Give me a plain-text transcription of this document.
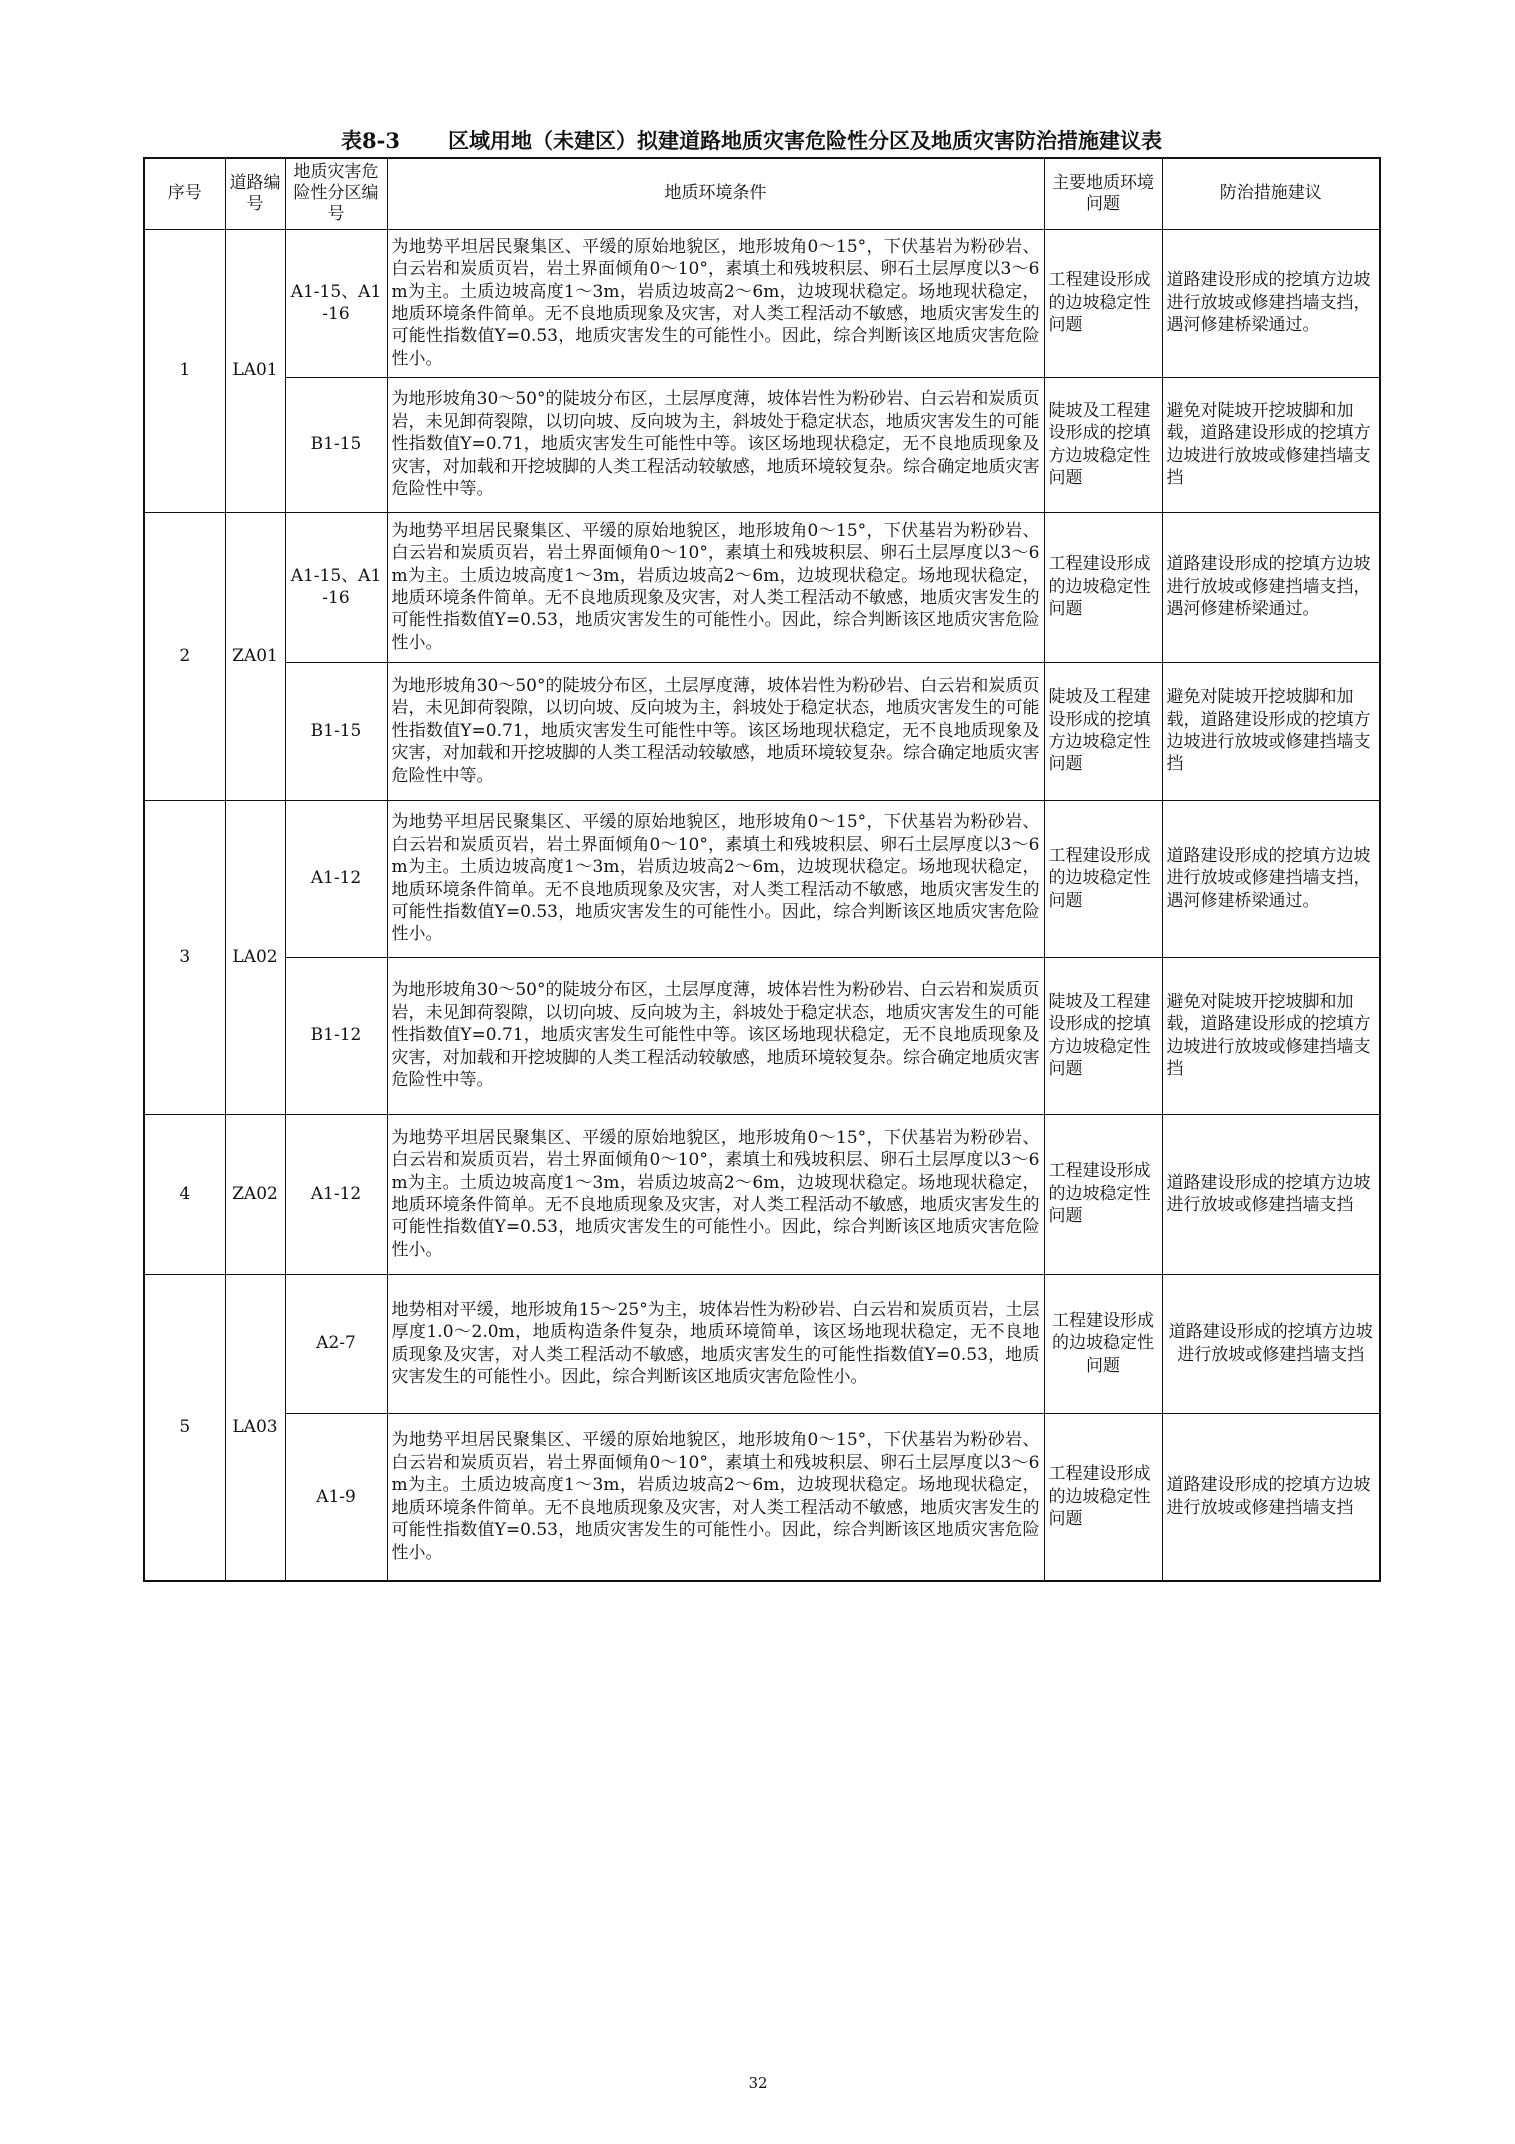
表8-3 区域用地（未建区）拟建道路地质灾害危险性分区及地质灾害防治措施建议表
序号	道路编号	地质灾害危险性分区编号	地质环境条件	主要地质环境问题	防治措施建议
1	LA01	A1-15、A1-16	为地势平坦居民聚集区、平缓的原始地貌区，地形坡角0～15°，下伏基岩为粉砂岩、白云岩和炭质页岩，岩土界面倾角0～10°，素填土和残坡积层、卵石土层厚度以3～6m为主。土质边坡高度1～3m，岩质边坡高2～6m，边坡现状稳定。场地现状稳定，地质环境条件简单。无不良地质现象及灾害，对人类工程活动不敏感，地质灾害发生的可能性指数值Y=0.53，地质灾害发生的可能性小。因此，综合判断该区地质灾害危险性小。	工程建设形成的边坡稳定性问题	道路建设形成的挖填方边坡进行放坡或修建挡墙支挡，遇河修建桥梁通过。
		B1-15	为地形坡角30～50°的陡坡分布区，土层厚度薄，坡体岩性为粉砂岩、白云岩和炭质页岩，未见卸荷裂隙，以切向坡、反向坡为主，斜坡处于稳定状态，地质灾害发生的可能性指数值Y=0.71，地质灾害发生可能性中等。该区场地现状稳定，无不良地质现象及灾害，对加载和开挖坡脚的人类工程活动较敏感，地质环境较复杂。综合确定地质灾害危险性中等。	陡坡及工程建设形成的挖填方边坡稳定性问题	避免对陡坡开挖坡脚和加载，道路建设形成的挖填方边坡进行放坡或修建挡墙支挡
2	ZA01	A1-15、A1-16	为地势平坦居民聚集区、平缓的原始地貌区，地形坡角0～15°，下伏基岩为粉砂岩、白云岩和炭质页岩，岩土界面倾角0～10°，素填土和残坡积层、卵石土层厚度以3～6m为主。土质边坡高度1～3m，岩质边坡高2～6m，边坡现状稳定。场地现状稳定，地质环境条件简单。无不良地质现象及灾害，对人类工程活动不敏感，地质灾害发生的可能性指数值Y=0.53，地质灾害发生的可能性小。因此，综合判断该区地质灾害危险性小。	工程建设形成的边坡稳定性问题	道路建设形成的挖填方边坡进行放坡或修建挡墙支挡，遇河修建桥梁通过。
		B1-15	为地形坡角30～50°的陡坡分布区，土层厚度薄，坡体岩性为粉砂岩、白云岩和炭质页岩，未见卸荷裂隙，以切向坡、反向坡为主，斜坡处于稳定状态，地质灾害发生的可能性指数值Y=0.71，地质灾害发生可能性中等。该区场地现状稳定，无不良地质现象及灾害，对加载和开挖坡脚的人类工程活动较敏感，地质环境较复杂。综合确定地质灾害危险性中等。	陡坡及工程建设形成的挖填方边坡稳定性问题	避免对陡坡开挖坡脚和加载，道路建设形成的挖填方边坡进行放坡或修建挡墙支挡
3	LA02	A1-12	为地势平坦居民聚集区、平缓的原始地貌区，地形坡角0～15°，下伏基岩为粉砂岩、白云岩和炭质页岩，岩土界面倾角0～10°，素填土和残坡积层、卵石土层厚度以3～6m为主。土质边坡高度1～3m，岩质边坡高2～6m，边坡现状稳定。场地现状稳定，地质环境条件简单。无不良地质现象及灾害，对人类工程活动不敏感，地质灾害发生的可能性指数值Y=0.53，地质灾害发生的可能性小。因此，综合判断该区地质灾害危险性小。	工程建设形成的边坡稳定性问题	道路建设形成的挖填方边坡进行放坡或修建挡墙支挡，遇河修建桥梁通过。
		B1-12	为地形坡角30～50°的陡坡分布区，土层厚度薄，坡体岩性为粉砂岩、白云岩和炭质页岩，未见卸荷裂隙，以切向坡、反向坡为主，斜坡处于稳定状态，地质灾害发生的可能性指数值Y=0.71，地质灾害发生可能性中等。该区场地现状稳定，无不良地质现象及灾害，对加载和开挖坡脚的人类工程活动较敏感，地质环境较复杂。综合确定地质灾害危险性中等。	陡坡及工程建设形成的挖填方边坡稳定性问题	避免对陡坡开挖坡脚和加载，道路建设形成的挖填方边坡进行放坡或修建挡墙支挡
4	ZA02	A1-12	为地势平坦居民聚集区、平缓的原始地貌区，地形坡角0～15°，下伏基岩为粉砂岩、白云岩和炭质页岩，岩土界面倾角0～10°，素填土和残坡积层、卵石土层厚度以3～6m为主。土质边坡高度1～3m，岩质边坡高2～6m，边坡现状稳定。场地现状稳定，地质环境条件简单。无不良地质现象及灾害，对人类工程活动不敏感，地质灾害发生的可能性指数值Y=0.53，地质灾害发生的可能性小。因此，综合判断该区地质灾害危险性小。	工程建设形成的边坡稳定性问题	道路建设形成的挖填方边坡进行放坡或修建挡墙支挡
5	LA03	A2-7	地势相对平缓，地形坡角15～25°为主，坡体岩性为粉砂岩、白云岩和炭质页岩，土层厚度1.0～2.0m，地质构造条件复杂，地质环境简单，该区场地现状稳定，无不良地质现象及灾害，对人类工程活动不敏感，地质灾害发生的可能性指数值Y=0.53，地质灾害发生的可能性小。因此，综合判断该区地质灾害危险性小。	工程建设形成的边坡稳定性问题	道路建设形成的挖填方边坡进行放坡或修建挡墙支挡
		A1-9	为地势平坦居民聚集区、平缓的原始地貌区，地形坡角0～15°，下伏基岩为粉砂岩、白云岩和炭质页岩，岩土界面倾角0～10°，素填土和残坡积层、卵石土层厚度以3～6m为主。土质边坡高度1～3m，岩质边坡高2～6m，边坡现状稳定。场地现状稳定，地质环境条件简单。无不良地质现象及灾害，对人类工程活动不敏感，地质灾害发生的可能性指数值Y=0.53，地质灾害发生的可能性小。因此，综合判断该区地质灾害危险性小。	工程建设形成的边坡稳定性问题	道路建设形成的挖填方边坡进行放坡或修建挡墙支挡
32
